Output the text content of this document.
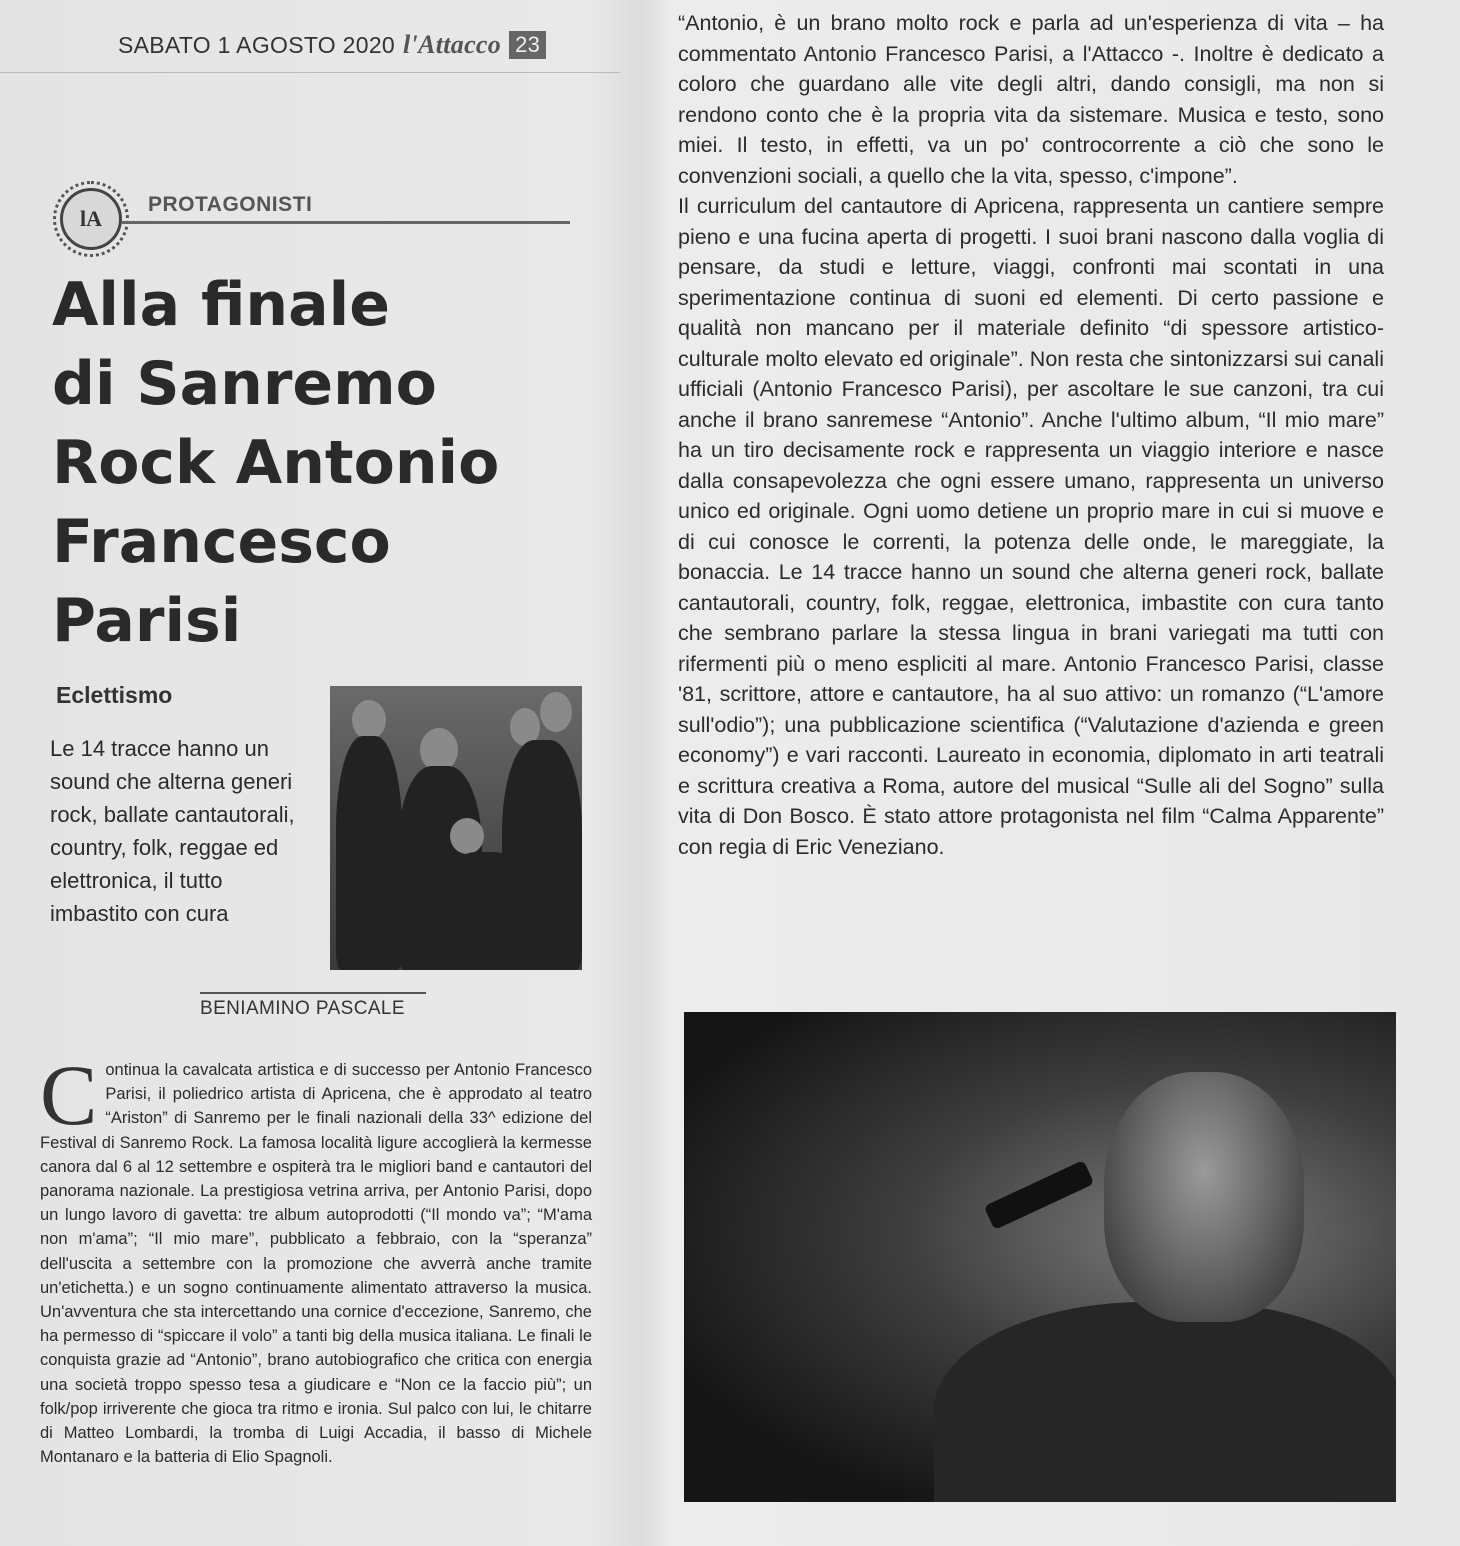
SABATO 1 AGOSTO 2020 l'Attacco 23
lA
PROTAGONISTI
Alla finale
di Sanremo
Rock Antonio
Francesco
Parisi
Eclettismo
Le 14 tracce hanno un sound che alterna generi rock, ballate cantautorali, country, folk, reggae ed elettronica, il tutto imbastito con cura
BENIAMINO PASCALE
Continua la cavalcata artistica e di successo per Antonio Francesco Parisi, il poliedrico artista di Apricena, che è approdato al teatro “Ariston” di Sanremo per le finali nazionali della 33^ edizione del Festival di Sanremo Rock. La famosa località ligure accoglierà la kermesse canora dal 6 al 12 settembre e ospiterà tra le migliori band e cantautori del panorama nazionale. La prestigiosa vetrina arriva, per Antonio Parisi, dopo un lungo lavoro di gavetta: tre album autoprodotti (“Il mondo va”; “M'ama non m'ama”; “Il mio mare”, pubblicato a febbraio, con la “speranza” dell'uscita a settembre con la promozione che avverrà anche tramite un'etichetta.) e un sogno continuamente alimentato attraverso la musica. Un'avventura che sta intercettando una cornice d'eccezione, Sanremo, che ha permesso di “spiccare il volo” a tanti big della musica italiana. Le finali le conquista grazie ad “Antonio”, brano autobiografico che critica con energia una società troppo spesso tesa a giudicare e “Non ce la faccio più”; un folk/pop irriverente che gioca tra ritmo e ironia. Sul palco con lui, le chitarre di Matteo Lombardi, la tromba di Luigi Accadia, il basso di Michele Montanaro e la batteria di Elio Spagnoli.

“Antonio, è un brano molto rock e parla ad un'esperienza di vita – ha commentato Antonio Francesco Parisi, a l'Attacco -. Inoltre è dedicato a coloro che guardano alle vite degli altri, dando consigli, ma non si rendono conto che è la propria vita da sistemare. Musica e testo, sono miei. Il testo, in effetti, va un po' controcorrente a ciò che sono le convenzioni sociali, a quello che la vita, spesso, c'impone”.

Il curriculum del cantautore di Apricena, rappresenta un cantiere sempre pieno e una fucina aperta di progetti. I suoi brani nascono dalla voglia di pensare, da studi e letture, viaggi, confronti mai scontati in una sperimentazione continua di suoni ed elementi. Di certo passione e qualità non mancano per il materiale definito “di spessore artistico-culturale molto elevato ed originale”. Non resta che sintonizzarsi sui canali ufficiali (Antonio Francesco Parisi), per ascoltare le sue canzoni, tra cui anche il brano sanremese “Antonio”. Anche l'ultimo album, “Il mio mare” ha un tiro decisamente rock e rappresenta un viaggio interiore e nasce dalla consapevolezza che ogni essere umano, rappresenta un universo unico ed originale. Ogni uomo detiene un proprio mare in cui si muove e di cui conosce le correnti, la potenza delle onde, le mareggiate, la bonaccia. Le 14 tracce hanno un sound che alterna generi rock, ballate cantautorali, country, folk, reggae, elettronica, imbastite con cura tanto che sembrano parlare la stessa lingua in brani variegati ma tutti con rifermenti più o meno espliciti al mare. Antonio Francesco Parisi, classe '81, scrittore, attore e cantautore, ha al suo attivo: un romanzo (“L'amore sull'odio”); una pubblicazione scientifica (“Valutazione d'azienda e green economy”) e vari racconti. Laureato in economia, diplomato in arti teatrali e scrittura creativa a Roma, autore del musical “Sulle ali del Sogno” sulla vita di Don Bosco. È stato attore protagonista nel film “Calma Apparente” con regia di Eric Veneziano.
